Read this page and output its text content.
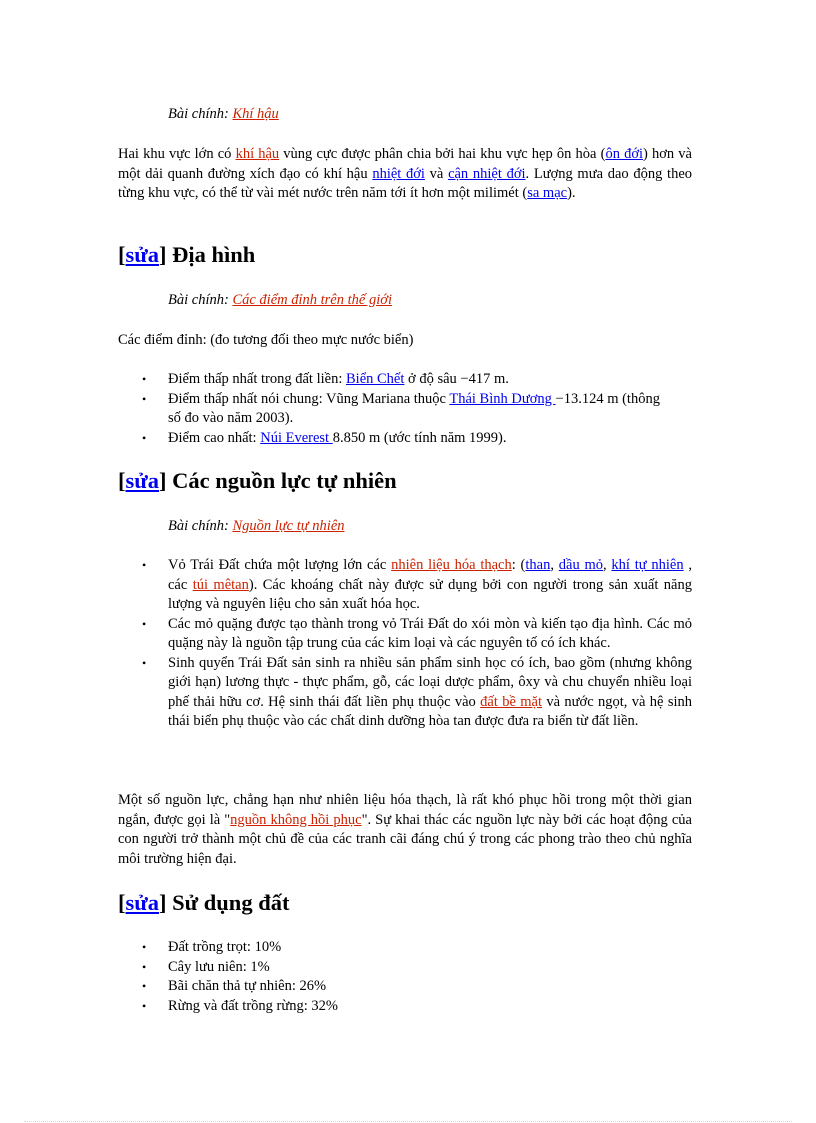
Bài chính: Khí hậu
Hai khu vực lớn có khí hậu vùng cực được phân chia bởi hai khu vực hẹp ôn hòa (ôn đới) hơn và một dải quanh đường xích đạo có khí hậu nhiệt đới và cận nhiệt đới. Lượng mưa dao động theo từng khu vực, có thể từ vài mét nước trên năm tới ít hơn một milimét (sa mạc).
[sửa] Địa hình
Bài chính: Các điểm đỉnh trên thế giới
Các điểm đỉnh: (đo tương đối theo mực nước biển)
• Điểm thấp nhất trong đất liền: Biển Chết ở độ sâu −417 m.
• Điểm thấp nhất nói chung: Vũng Mariana thuộc Thái Bình Dương −13.124 m (thông số đo vào năm 2003).
• Điểm cao nhất: Núi Everest 8.850 m (ước tính năm 1999).
[sửa] Các nguồn lực tự nhiên
Bài chính: Nguồn lực tự nhiên
• Vỏ Trái Đất chứa một lượng lớn các nhiên liệu hóa thạch: (than, dầu mỏ, khí tự nhiên , các túi mêtan). Các khoáng chất này được sử dụng bởi con người trong sản xuất năng lượng và nguyên liệu cho sản xuất hóa học.
• Các mỏ quặng được tạo thành trong vỏ Trái Đất do xói mòn và kiến tạo địa hình. Các mỏ quặng này là nguồn tập trung của các kim loại và các nguyên tố có ích khác.
• Sinh quyển Trái Đất sản sinh ra nhiều sản phẩm sinh học có ích, bao gồm (nhưng không giới hạn) lương thực - thực phẩm, gỗ, các loại dược phẩm, ôxy và chu chuyển nhiều loại phế thải hữu cơ. Hệ sinh thái đất liền phụ thuộc vào đất bề mặt và nước ngọt, và hệ sinh thái biển phụ thuộc vào các chất dinh dưỡng hòa tan được đưa ra biển từ đất liền.
Một số nguồn lực, chẳng hạn như nhiên liệu hóa thạch, là rất khó phục hồi trong một thời gian ngắn, được gọi là "nguồn không hồi phục". Sự khai thác các nguồn lực này bởi các hoạt động của con người trở thành một chủ đề của các tranh cãi đáng chú ý trong các phong trào theo chủ nghĩa môi trường hiện đại.
[sửa] Sử dụng đất
• Đất trồng trọt: 10%
• Cây lưu niên: 1%
• Bãi chăn thả tự nhiên: 26%
• Rừng và đất trồng rừng: 32%
